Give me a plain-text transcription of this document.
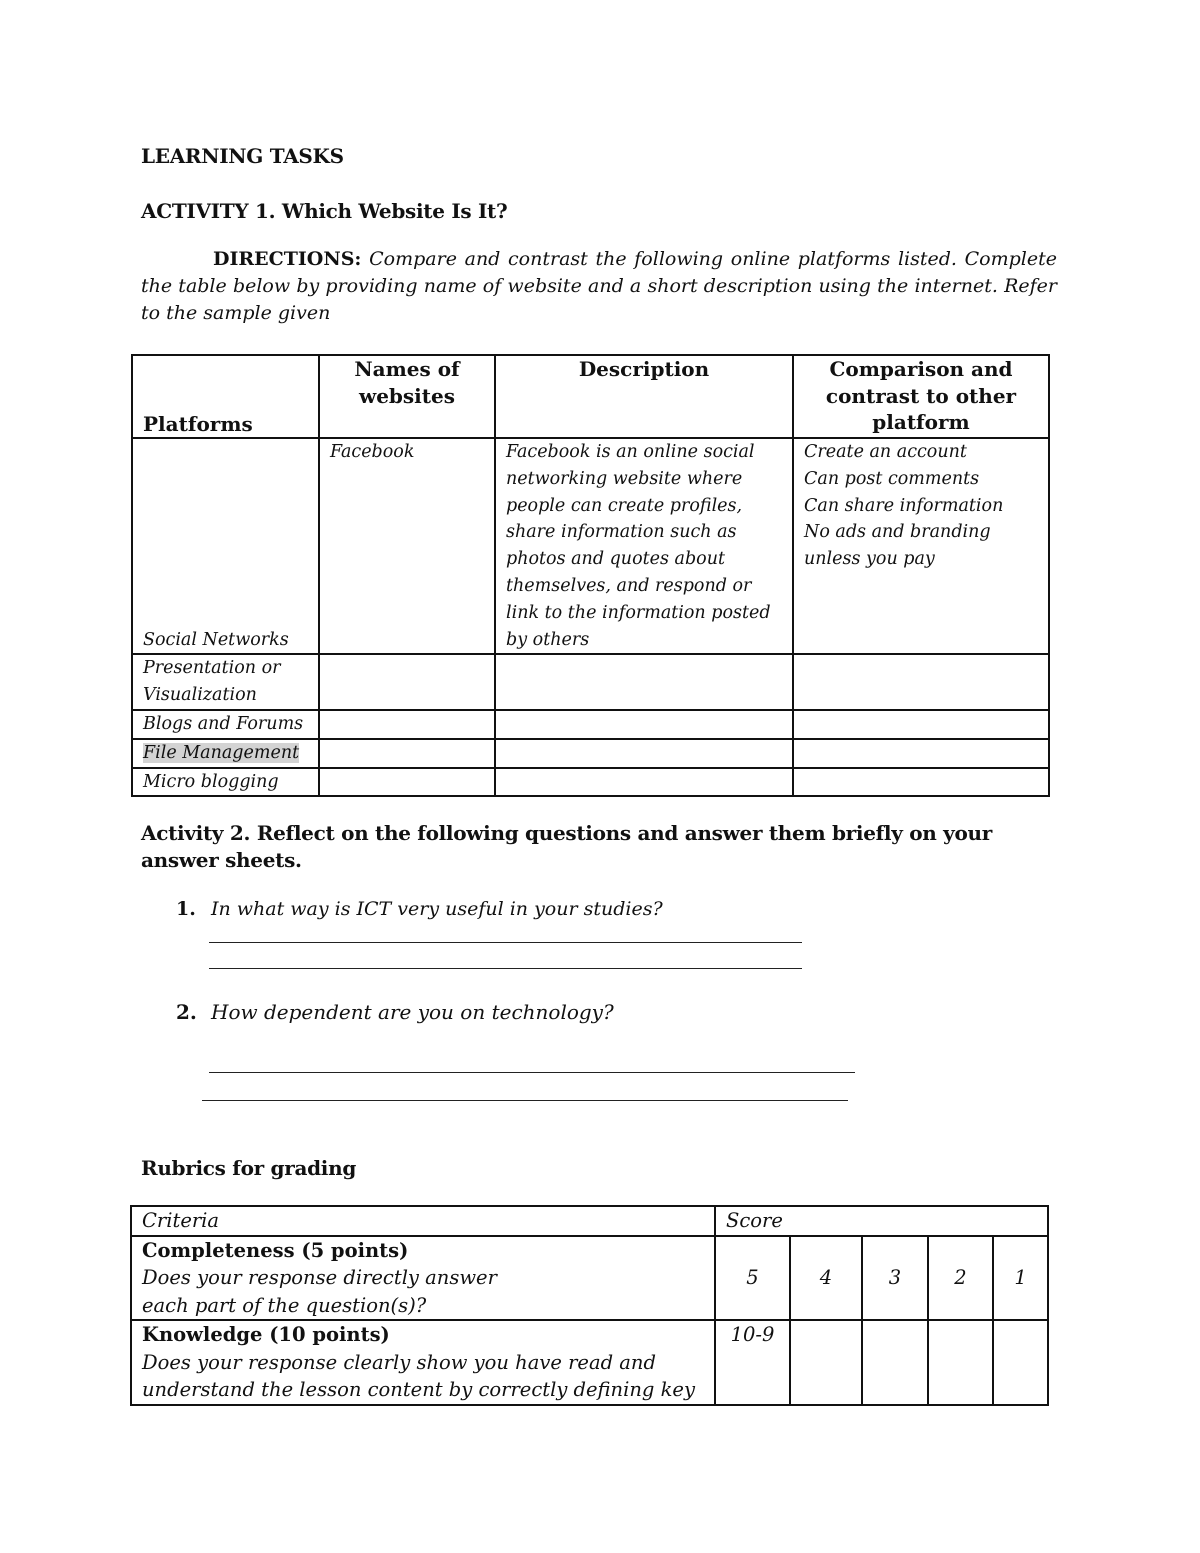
LEARNING TASKS
ACTIVITY 1. Which Website Is It?

DIRECTIONS: Compare and contrast the following online platforms listed. Complete the table below by providing name of website and a short description using the internet. Refer to the sample given

Platforms	Names of websites	Description	Comparison and contrast to other platform
Social Networks	Facebook	Facebook is an online social networking website where people can create profiles, share information such as photos and quotes about themselves, and respond or link to the information posted by others	Create an account
Can post comments
Can share information
No ads and branding unless you pay

Presentation or Visualization			
Blogs and Forums			
File Management			
Micro blogging			
Activity 2. Reflect on the following questions and answer them briefly on your answer sheets.
1. In what way is ICT very useful in your studies?
2. How dependent are you on technology?
Rubrics for grading
Criteria	Score				

Completeness (5 points)
Does your response directly answer each part of the question(s)?	5	4	3	2	1

Knowledge (10 points)
Does your response clearly show you have read and understand the lesson content by correctly defining key	10-9				
